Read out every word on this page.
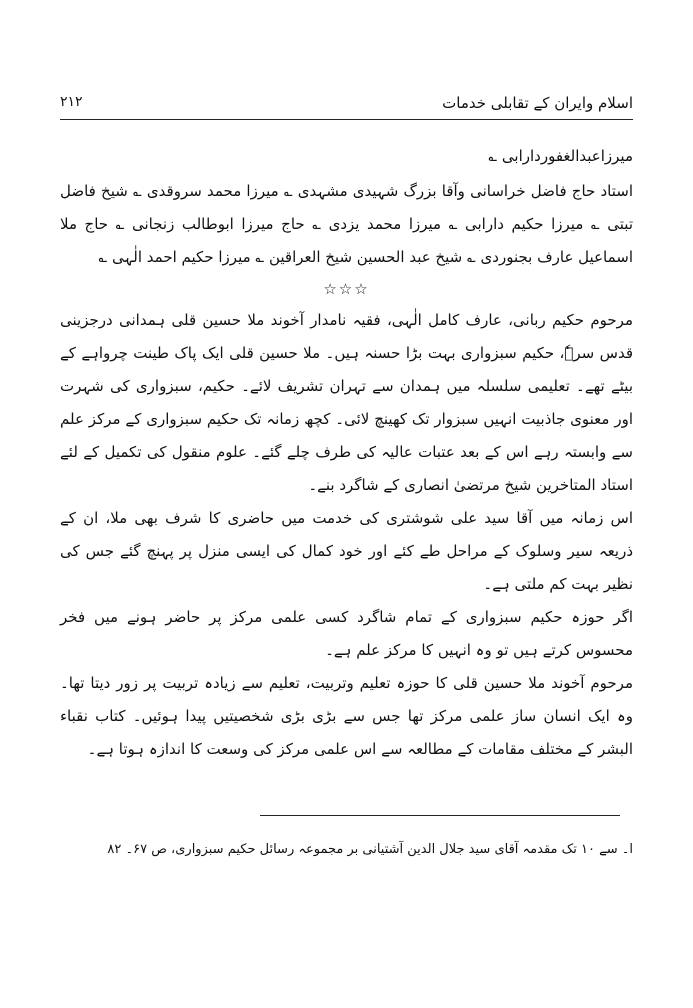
اسلام وایران کے تقابلی خدمات
۲۱۲

میرزاعبدالغفوردارابی ؎

استاد حاج فاضل خراسانی وآقا بزرگ شہیدی مشہدی ؎ میرزا محمد سروقدی ؎ شیخ فاضل تبتی ؎ میرزا حکیم دارابی ؎ میرزا محمد یزدی ؎ حاج میرزا ابوطالب زنجانی ؎ حاج ملا اسماعیل عارف بجنوردی ؎ شیخ عبد الحسین شیخ العراقین ؎ میرزا حکیم احمد الٰہی ؎

☆☆☆

مرحوم حکیم ربانی، عارف کامل الٰہی، فقیہ نامدار آخوند ملا حسین قلی ہمدانی درجزینی قدس سرہٗ، حکیم سبزواری بہت بڑا حسنہ ہیں۔ ملا حسین قلی ایک پاک طینت چرواہے کے بیٹے تھے۔ تعلیمی سلسلہ میں ہمدان سے تہران تشریف لائے۔ حکیم، سبزواری کی شہرت اور معنوی جاذبیت انہیں سبزوار تک کھینچ لائی۔ کچھ زمانہ تک حکیم سبزواری کے مرکز علم سے وابستہ رہے اس کے بعد عتبات عالیہ کی طرف چلے گئے۔ علوم منقول کی تکمیل کے لئے استاد المتاخرین شیخ مرتضیٰ انصاری کے شاگرد بنے۔

اس زمانہ میں آقا سید علی شوشتری کی خدمت میں حاضری کا شرف بھی ملا، ان کے ذریعہ سیر وسلوک کے مراحل طے کئے اور خود کمال کی ایسی منزل پر پہنچ گئے جس کی نظیر بہت کم ملتی ہے۔

اگر حوزہ حکیم سبزواری کے تمام شاگرد کسی علمی مرکز پر حاضر ہونے میں فخر محسوس کرتے ہیں تو وہ انہیں کا مرکز علم ہے۔

مرحوم آخوند ملا حسین قلی کا حوزہ تعلیم وتربیت، تعلیم سے زیادہ تربیت پر زور دیتا تھا۔ وہ ایک انسان ساز علمی مرکز تھا جس سے بڑی بڑی شخصیتیں پیدا ہوئیں۔ کتاب نقباء البشر کے مختلف مقامات کے مطالعہ سے اس علمی مرکز کی وسعت کا اندازہ ہوتا ہے۔

ا۔ سے ۱۰ تک مقدمہ آقای سید جلال الدین آشتیانی بر مجموعہ رسائل حکیم سبزواری، ص ۶۷۔ ۸۲
